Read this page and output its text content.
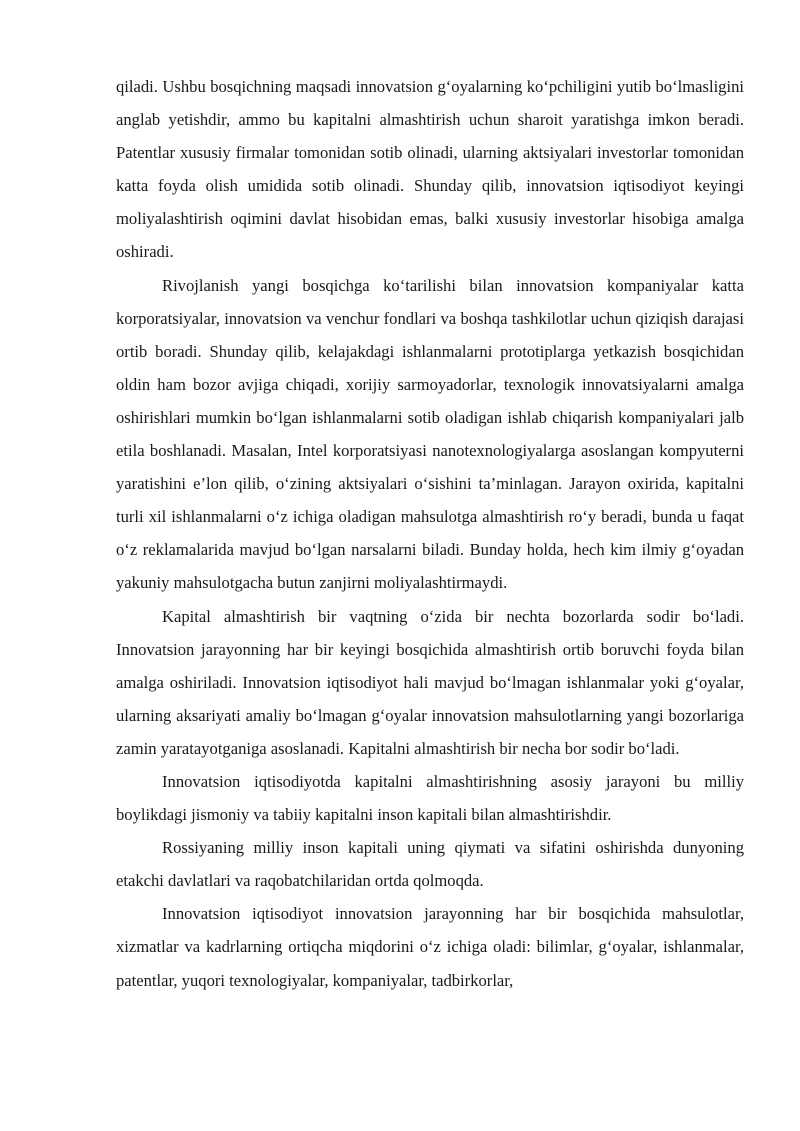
qiladi. Ushbu bosqichning maqsadi innovatsion g‘oyalarning ko‘pchiligini yutib bo‘lmasligini anglab yetishdir, ammo bu kapitalni almashtirish uchun sharoit yaratishga imkon beradi. Patentlar xususiy firmalar tomonidan sotib olinadi, ularning aktsiyalari investorlar tomonidan katta foyda olish umidida sotib olinadi. Shunday qilib, innovatsion iqtisodiyot keyingi moliyalashtirish oqimini davlat hisobidan emas, balki xususiy investorlar hisobiga amalga oshiradi.

Rivojlanish yangi bosqichga ko‘tarilishi bilan innovatsion kompaniyalar katta korporatsiyalar, innovatsion va venchur fondlari va boshqa tashkilotlar uchun qiziqish darajasi ortib boradi. Shunday qilib, kelajakdagi ishlanmalarni prototiplarga yetkazish bosqichidan oldin ham bozor avjiga chiqadi, xorijiy sarmoyadorlar, texnologik innovatsiyalarni amalga oshirishlari mumkin bo‘lgan ishlanmalarni sotib oladigan ishlab chiqarish kompaniyalari jalb etila boshlanadi. Masalan, Intel korporatsiyasi nanotexnologiyalarga asoslangan kompyuterni yaratishini e’lon qilib, o‘zining aktsiyalari o‘sishini ta’minlagan. Jarayon oxirida, kapitalni turli xil ishlanmalarni o‘z ichiga oladigan mahsulotga almashtirish ro‘y beradi, bunda u faqat o‘z reklamalarida mavjud bo‘lgan narsalarni biladi. Bunday holda, hech kim ilmiy g‘oyadan yakuniy mahsulotgacha butun zanjirni moliyalashtirmaydi.

Kapital almashtirish bir vaqtning o‘zida bir nechta bozorlarda sodir bo‘ladi. Innovatsion jarayonning har bir keyingi bosqichida almashtirish ortib boruvchi foyda bilan amalga oshiriladi. Innovatsion iqtisodiyot hali mavjud bo‘lmagan ishlanmalar yoki g‘oyalar, ularning aksariyati amaliy bo‘lmagan g‘oyalar innovatsion mahsulotlarning yangi bozorlariga zamin yaratayotganiga asoslanadi. Kapitalni almashtirish bir necha bor sodir bo‘ladi.

Innovatsion iqtisodiyotda kapitalni almashtirishning asosiy jarayoni bu milliy boylikdagi jismoniy va tabiiy kapitalni inson kapitali bilan almashtirishdir.

Rossiyaning milliy inson kapitali uning qiymati va sifatini oshirishda dunyoning etakchi davlatlari va raqobatchilaridan ortda qolmoqda.

Innovatsion iqtisodiyot innovatsion jarayonning har bir bosqichida mahsulotlar, xizmatlar va kadrlarning ortiqcha miqdorini o‘z ichiga oladi: bilimlar, g‘oyalar, ishlanmalar, patentlar, yuqori texnologiyalar, kompaniyalar, tadbirkorlar,
